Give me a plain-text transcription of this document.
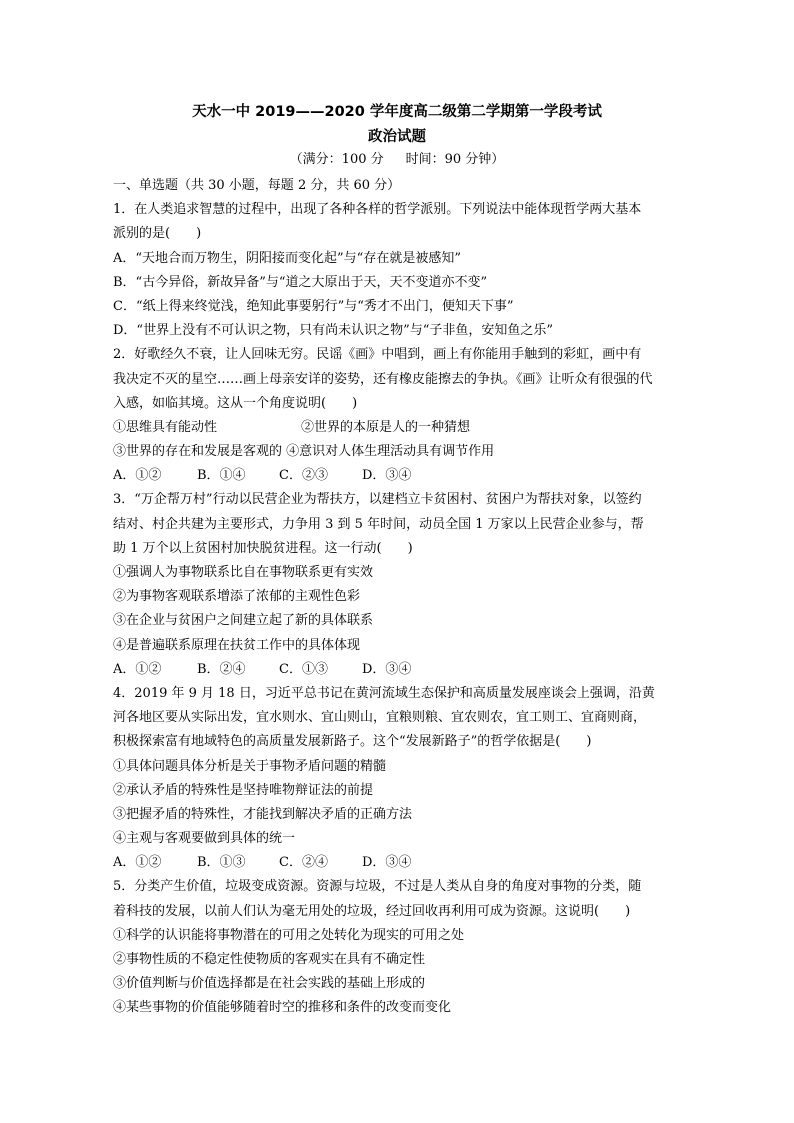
天水一中 2019——2020 学年度高二级第二学期第一学段考试
政治试题
（满分：100 分 时间：90 分钟）
一、单选题（共 30 小题，每题 2 分，共 60 分）
1．在人类追求智慧的过程中，出现了各种各样的哲学派别。下列说法中能体现哲学两大基本
派别的是(　　)
A．“天地合而万物生，阴阳接而变化起”与“存在就是被感知”
B．“古今异俗，新故异备”与“道之大原出于天，天不变道亦不变”
C．“纸上得来终觉浅，绝知此事要躬行”与“秀才不出门，便知天下事”
D．“世界上没有不可认识之物，只有尚未认识之物”与“子非鱼，安知鱼之乐”
2．好歌经久不衰，让人回味无穷。民谣《画》中唱到，画上有你能用手触到的彩虹，画中有
我决定不灭的星空……画上母亲安详的姿势，还有橡皮能擦去的争执。《画》让听众有很强的代
入感，如临其境。这从一个角度说明(　　)
①思维具有能动性	②世界的本原是人的一种猜想
③世界的存在和发展是客观的 ④意识对人体生理活动具有调节作用
A．①②	B．①④	C．②③	D．③④
3．“万企帮万村”行动以民营企业为帮扶方，以建档立卡贫困村、贫困户为帮扶对象，以签约
结对、村企共建为主要形式，力争用 3 到 5 年时间，动员全国 1 万家以上民营企业参与，帮
助 1 万个以上贫困村加快脱贫进程。这一行动(　　)
①强调人为事物联系比自在事物联系更有实效
②为事物客观联系增添了浓郁的主观性色彩
③在企业与贫困户之间建立起了新的具体联系
④是普遍联系原理在扶贫工作中的具体体现
A．①②	B．②④	C．①③	D．③④
4．2019 年 9 月 18 日，习近平总书记在黄河流域生态保护和高质量发展座谈会上强调，沿黄
河各地区要从实际出发，宜水则水、宜山则山，宜粮则粮、宜农则农，宜工则工、宜商则商，
积极探索富有地域特色的高质量发展新路子。这个“发展新路子”的哲学依据是(　　)
①具体问题具体分析是关于事物矛盾问题的精髓
②承认矛盾的特殊性是坚持唯物辩证法的前提
③把握矛盾的特殊性，才能找到解决矛盾的正确方法
④主观与客观要做到具体的统一
A．①②	B．①③	C．②④	D．③④
5．分类产生价值，垃圾变成资源。资源与垃圾，不过是人类从自身的角度对事物的分类，随
着科技的发展，以前人们认为毫无用处的垃圾，经过回收再利用可成为资源。这说明(　　)
①科学的认识能将事物潜在的可用之处转化为现实的可用之处
②事物性质的不稳定性使物质的客观实在具有不确定性
③价值判断与价值选择都是在社会实践的基础上形成的
④某些事物的价值能够随着时空的推移和条件的改变而变化
